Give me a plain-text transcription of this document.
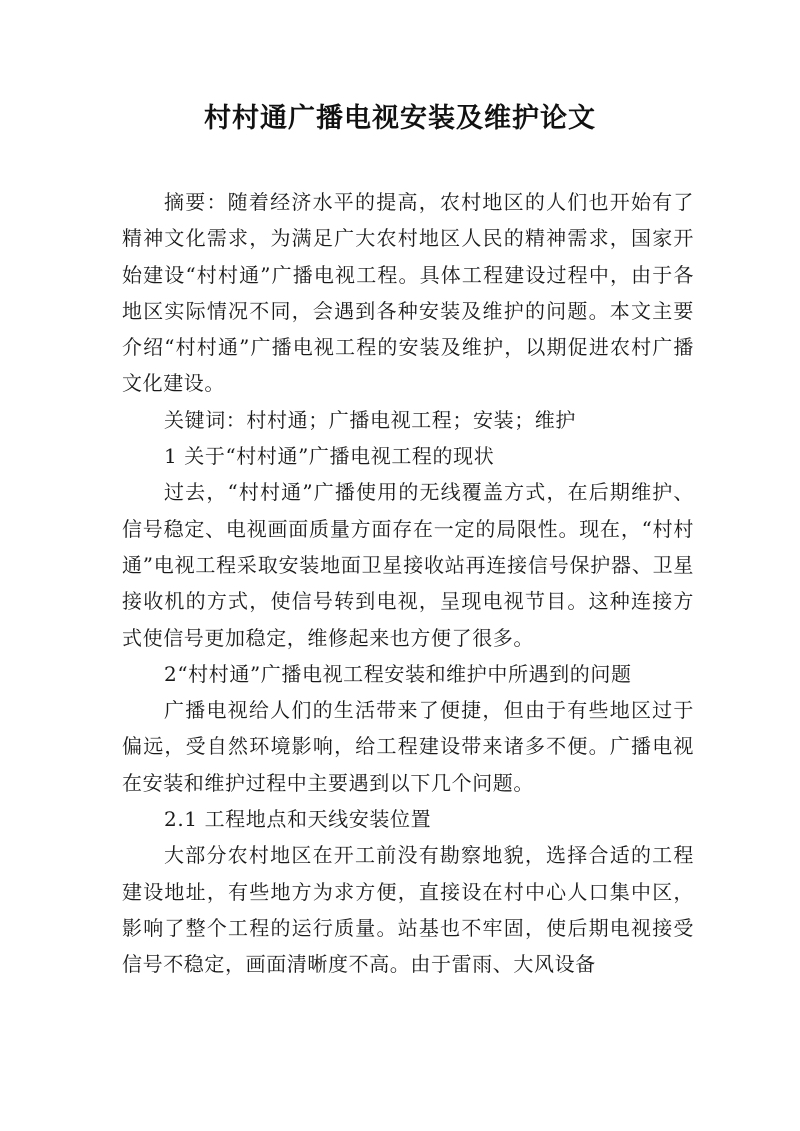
村村通广播电视安装及维护论文

摘要：随着经济水平的提高，农村地区的人们也开始有了精神文化需求，为满足广大农村地区人民的精神需求，国家开始建设“村村通”广播电视工程。具体工程建设过程中，由于各地区实际情况不同，会遇到各种安装及维护的问题。本文主要介绍“村村通”广播电视工程的安装及维护，以期促进农村广播文化建设。

关键词：村村通；广播电视工程；安装；维护

1 关于“村村通”广播电视工程的现状

过去，“村村通”广播使用的无线覆盖方式，在后期维护、信号稳定、电视画面质量方面存在一定的局限性。现在，“村村通”电视工程采取安装地面卫星接收站再连接信号保护器、卫星接收机的方式，使信号转到电视，呈现电视节目。这种连接方式使信号更加稳定，维修起来也方便了很多。

2“村村通”广播电视工程安装和维护中所遇到的问题

广播电视给人们的生活带来了便捷，但由于有些地区过于偏远，受自然环境影响，给工程建设带来诸多不便。广播电视在安装和维护过程中主要遇到以下几个问题。

2.1 工程地点和天线安装位置

大部分农村地区在开工前没有勘察地貌，选择合适的工程建设地址，有些地方为求方便，直接设在村中心人口集中区，影响了整个工程的运行质量。站基也不牢固，使后期电视接受信号不稳定，画面清晰度不高。由于雷雨、大风设备
